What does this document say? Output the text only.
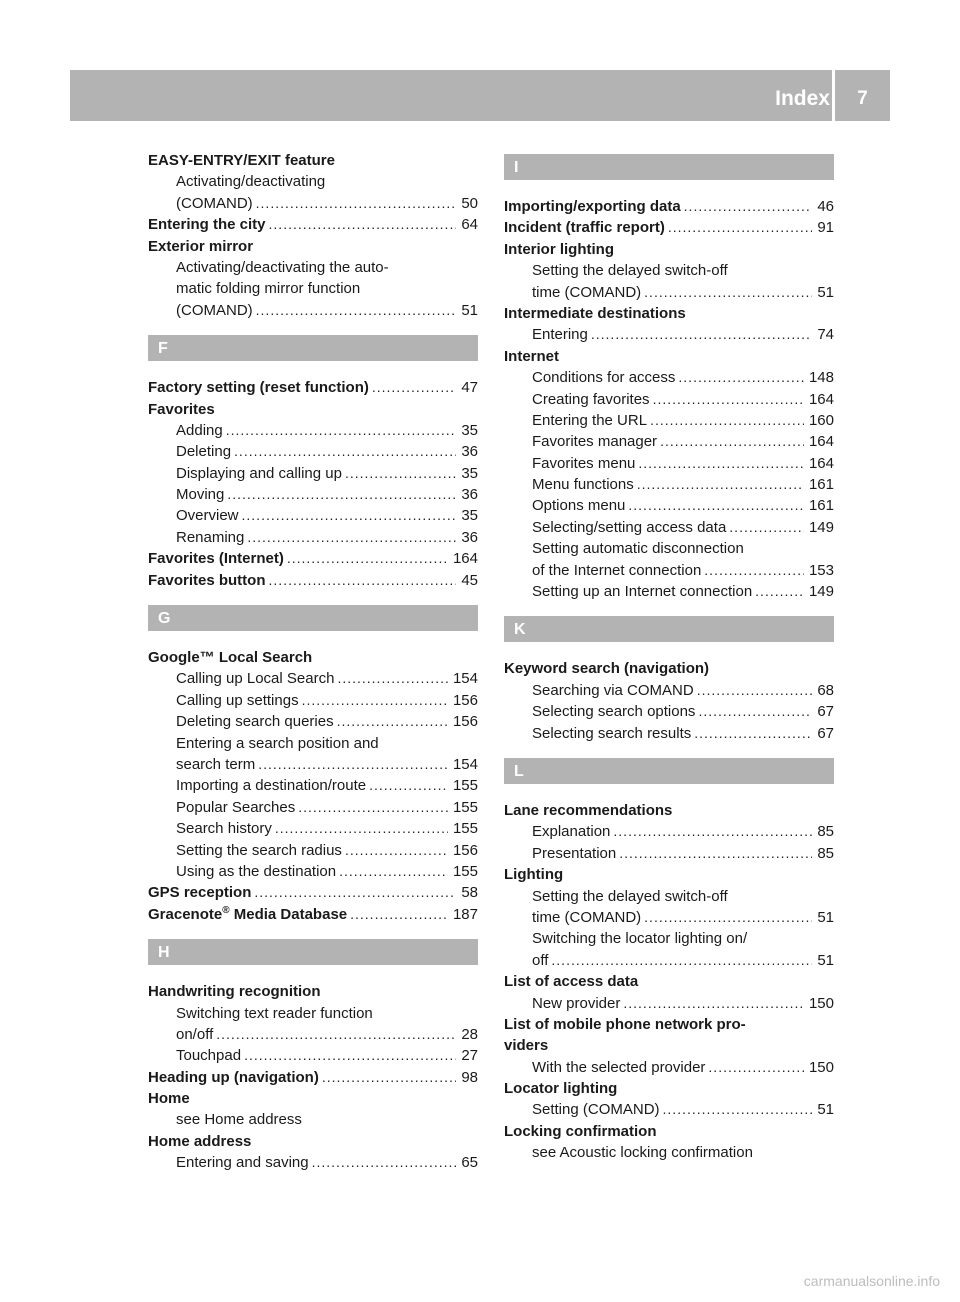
Index	7
EASY-ENTRY/EXIT feature
Activating/deactivating
(COMAND) .....	50
Entering the city .....	64
Exterior mirror
Activating/deactivating the auto-
matic folding mirror function
(COMAND) .....	51
F
Factory setting (reset function) .....	47
Favorites
Adding .....	35
Deleting .....	36
Displaying and calling up .....	35
Moving .....	36
Overview .....	35
Renaming .....	36
Favorites (Internet) .....	164
Favorites button .....	45
G
Google™ Local Search
Calling up Local Search .....	154
Calling up settings .....	156
Deleting search queries .....	156
Entering a search position and
search term .....	154
Importing a destination/route .....	155
Popular Searches .....	155
Search history .....	155
Setting the search radius .....	156
Using as the destination .....	155
GPS reception .....	58
Gracenote® Media Database .....	187
H
Handwriting recognition
Switching text reader function
on/off .....	28
Touchpad .....	27
Heading up (navigation) .....	98
Home
see Home address
Home address
Entering and saving .....	65
I
Importing/exporting data .....	46
Incident (traffic report) .....	91
Interior lighting
Setting the delayed switch-off
time (COMAND) .....	51
Intermediate destinations
Entering .....	74
Internet
Conditions for access .....	148
Creating favorites .....	164
Entering the URL .....	160
Favorites manager .....	164
Favorites menu .....	164
Menu functions .....	161
Options menu .....	161
Selecting/setting access data .....	149
Setting automatic disconnection
of the Internet connection .....	153
Setting up an Internet connection .....	149
K
Keyword search (navigation)
Searching via COMAND .....	68
Selecting search options .....	67
Selecting search results .....	67
L
Lane recommendations
Explanation .....	85
Presentation .....	85
Lighting
Setting the delayed switch-off
time (COMAND) .....	51
Switching the locator lighting on/
off .....	51
List of access data
New provider .....	150
List of mobile phone network pro-
viders
With the selected provider .....	150
Locator lighting
Setting (COMAND) .....	51
Locking confirmation
see Acoustic locking confirmation
carmanualsonline.info
